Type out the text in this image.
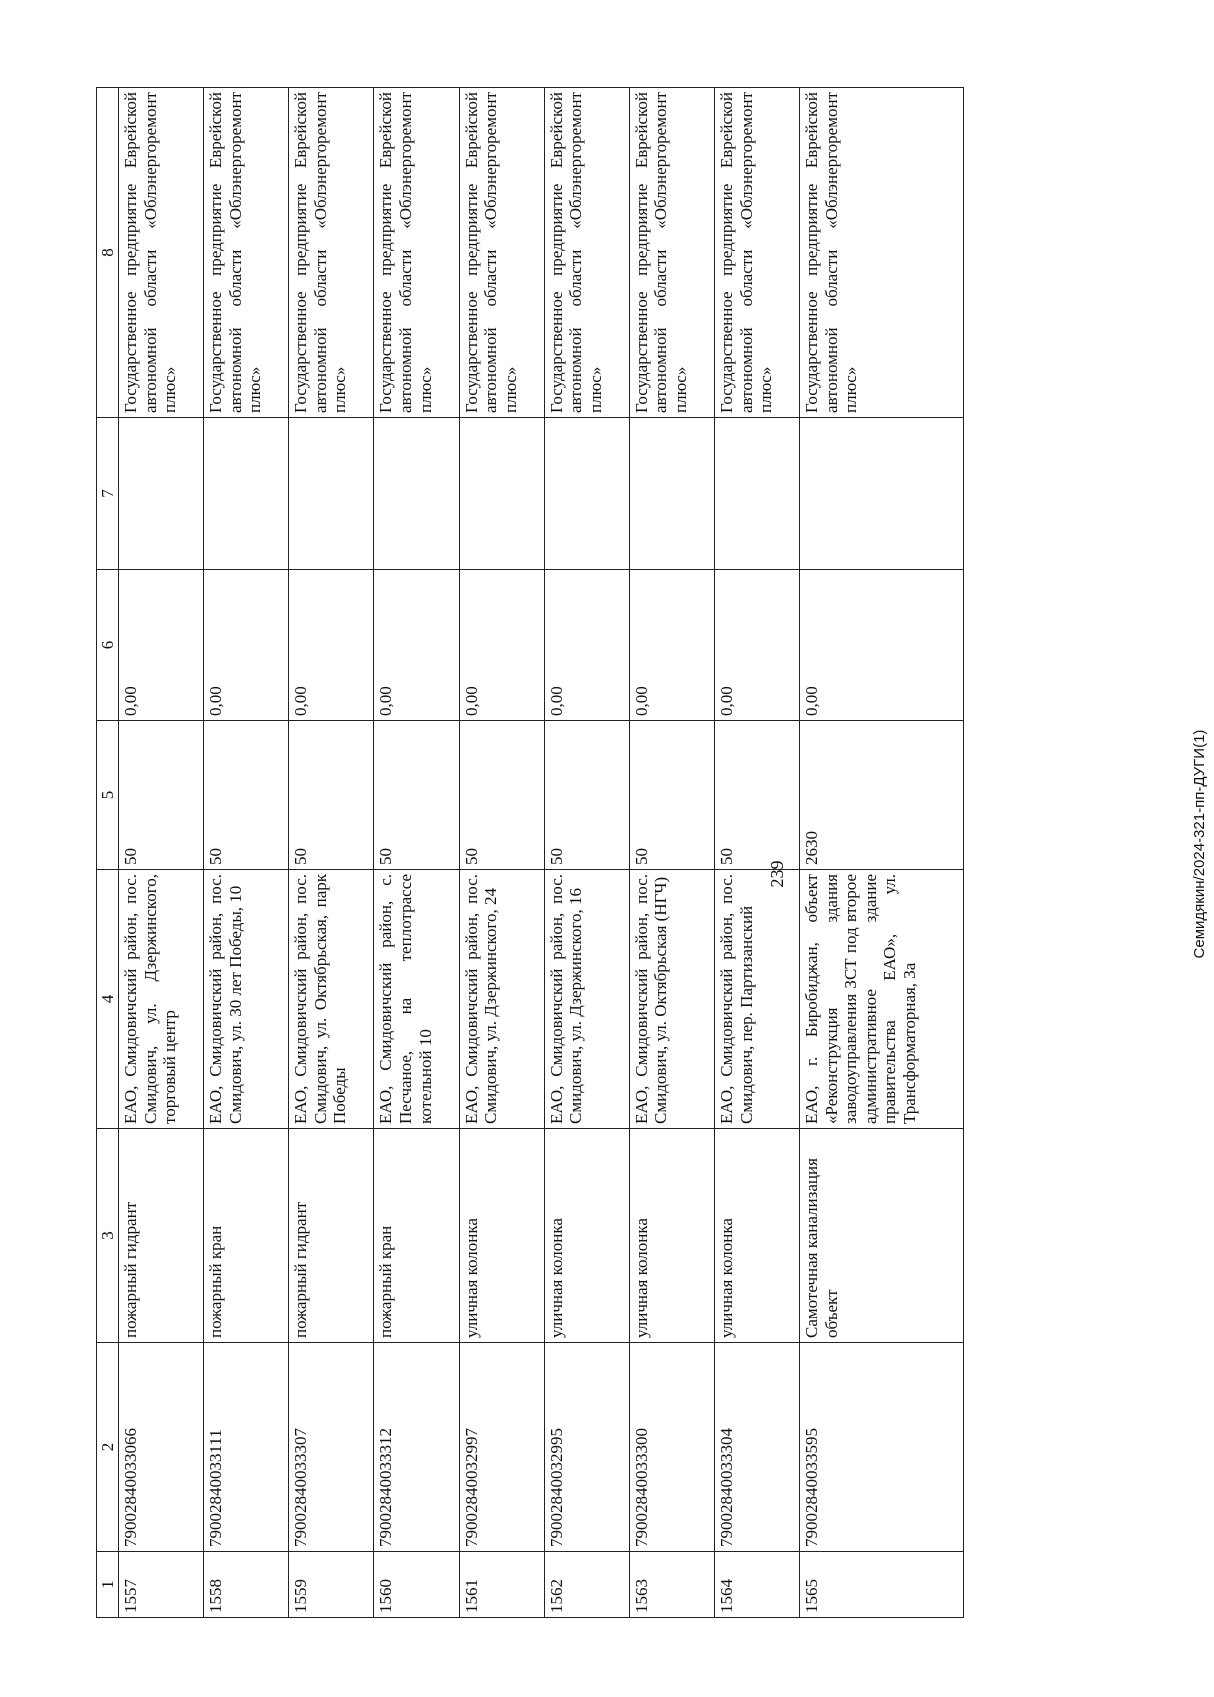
239
1	2	3	4	5	6	7	8
1557	79002840033066	пожарный гидрант	ЕАО, Смидовичский район, пос. Смидович, ул. Дзержинского, торговый центр	50	0,00		Государственное предприятие Еврейской автономной области «Облэнергоремонт плюс»
1558	79002840033111	пожарный кран	ЕАО, Смидовичский район, пос. Смидович, ул. 30 лет Победы, 10	50	0,00		Государственное предприятие Еврейской автономной области «Облэнергоремонт плюс»
1559	79002840033307	пожарный гидрант	ЕАО, Смидовичский район, пос. Смидович, ул. Октябрьская, парк Победы	50	0,00		Государственное предприятие Еврейской автономной области «Облэнергоремонт плюс»
1560	79002840033312	пожарный кран	ЕАО, Смидовичский район, с. Песчаное, на теплотрассе котельной 10	50	0,00		Государственное предприятие Еврейской автономной области «Облэнергоремонт плюс»
1561	79002840032997	уличная колонка	ЕАО, Смидовичский район, пос. Смидович, ул. Дзержинского, 24	50	0,00		Государственное предприятие Еврейской автономной области «Облэнергоремонт плюс»
1562	79002840032995	уличная колонка	ЕАО, Смидовичский район, пос. Смидович, ул. Дзержинского, 16	50	0,00		Государственное предприятие Еврейской автономной области «Облэнергоремонт плюс»
1563	79002840033300	уличная колонка	ЕАО, Смидовичский район, пос. Смидович, ул. Октябрьская (НГЧ)	50	0,00		Государственное предприятие Еврейской автономной области «Облэнергоремонт плюс»
1564	79002840033304	уличная колонка	ЕАО, Смидовичский район, пос. Смидович, пер. Партизанский	50	0,00		Государственное предприятие Еврейской автономной области «Облэнергоремонт плюс»
1565	79002840033595	Самотечная канализация объект	ЕАО, г. Биробиджан, объект «Реконструкция здания заводоуправления ЗСТ под второе административное здание правительства ЕАО», ул. Трансформаторная, 3а	2630	0,00		Государственное предприятие Еврейской автономной области «Облэнергоремонт плюс»
Семидякин/2024-321-пп-ДУГИ(1)
